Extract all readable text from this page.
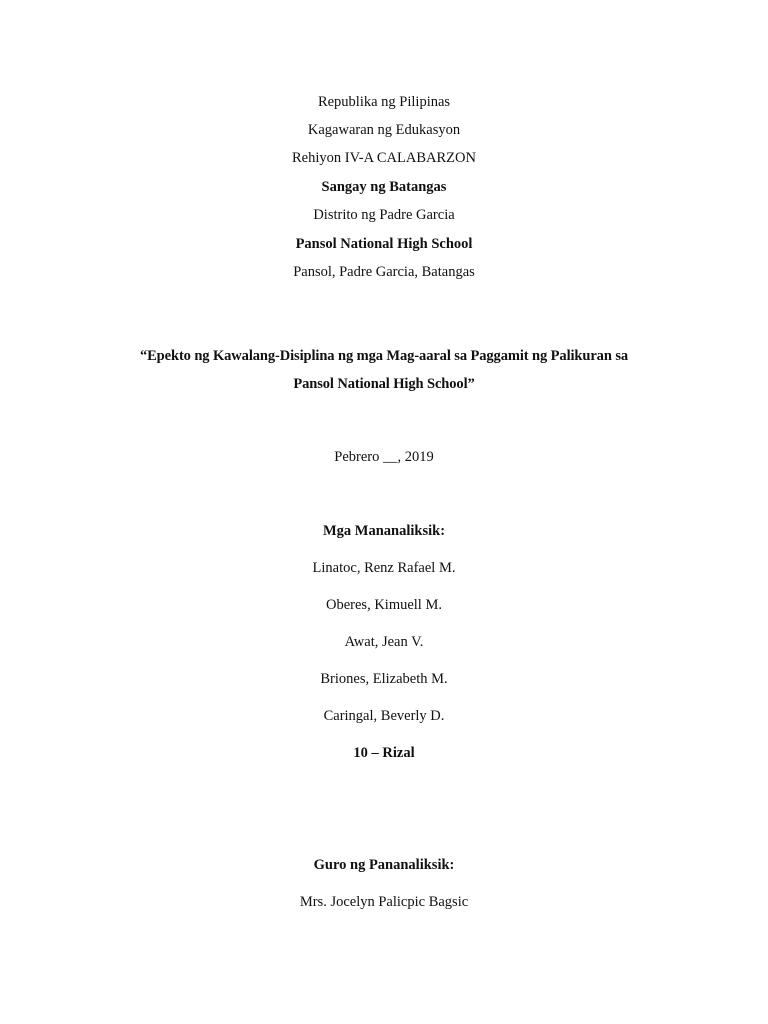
Republika ng Pilipinas
Kagawaran ng Edukasyon
Rehiyon IV-A CALABARZON
Sangay ng Batangas
Distrito ng Padre Garcia
Pansol National High School
Pansol, Padre Garcia, Batangas
“Epekto ng Kawalang-Disiplina ng mga Mag-aaral sa Paggamit ng Palikuran sa
Pansol National High School”
Pebrero __, 2019
Mga Mananaliksik:
Linatoc, Renz Rafael M.
Oberes, Kimuell M.
Awat, Jean V.
Briones, Elizabeth M.
Caringal, Beverly D.
10 – Rizal
Guro ng Pananaliksik:
Mrs. Jocelyn Palicpic Bagsic
